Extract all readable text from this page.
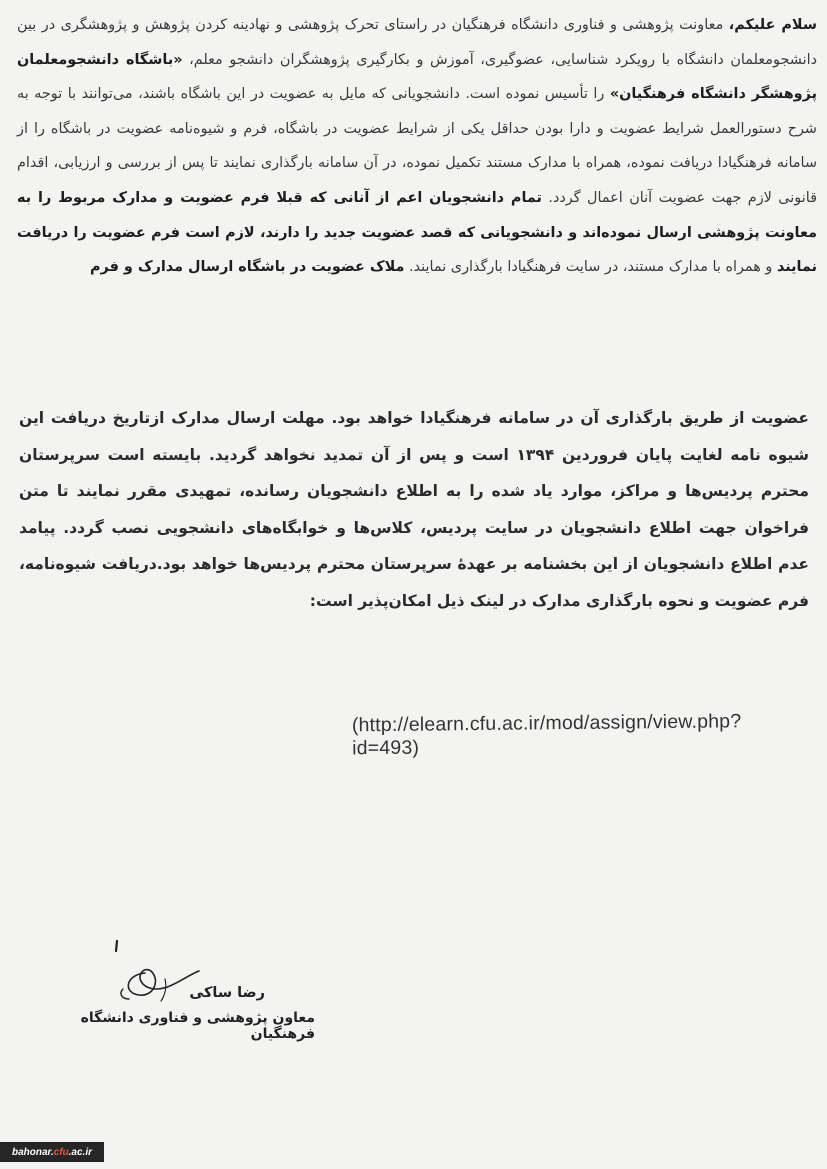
سلام علیکم، معاونت پژوهشی و فناوری دانشگاه فرهنگیان در راستای تحرک پژوهشی و نهادینه کردن پژوهش و پژوهشگری در بین دانشجومعلمان دانشگاه با رویکرد شناسایی، عضوگیری، آموزش و بکارگیری پژوهشگران دانشجو معلم، «باشگاه دانشجومعلمان پژوهشگر دانشگاه فرهنگیان» را تأسیس نموده است. دانشجویانی که مایل به عضویت در این باشگاه باشند، می‌توانند با توجه به شرح دستورالعمل شرایط عضویت و دارا بودن حداقل یکی از شرایط عضویت در باشگاه، فرم و شیوه‌نامه عضویت در باشگاه را از سامانه فرهنگیادا دریافت نموده، همراه با مدارک مستند تکمیل نموده، در آن سامانه بارگذاری نمایند تا پس از بررسی و ارزیابی، اقدام قانونی لازم جهت عضویت آنان اعمال گردد. تمام دانشجویان اعم از آنانی که قبلا فرم عضویت و مدارک مربوط را به معاونت پژوهشی ارسال نموده‌اند و دانشجویانی که قصد عضویت جدید را دارند، لازم است فرم عضویت را دریافت نمایند و همراه با مدارک مستند، در سایت فرهنگیادا بارگذاری نمایند. ملاک عضویت در باشگاه ارسال مدارک و فرم

عضویت از طریق بارگذاری آن در سامانه فرهنگیادا خواهد بود. مهلت ارسال مدارک ازتاریخ دریافت این شیوه نامه لغایت پایان فروردین ۱۳۹۴ است و پس از آن تمدید نخواهد گردید. بایسته است سرپرستان محترم پردیس‌ها و مراکز، موارد یاد شده را به اطلاع دانشجویان رسانده، تمهیدی مقرر نمایند تا متن فراخوان جهت اطلاع دانشجویان در سایت پردیس، کلاس‌ها و خوابگاه‌های دانشجویی نصب گردد. پیامد عدم اطلاع دانشجویان از این بخشنامه بر عهدهٔ سرپرستان محترم پردیس‌ها خواهد بود.دریافت شیوه‌نامه، فرم عضویت و نحوه بارگذاری مدارک در لینک ذیل امکان‌پذیر است:

(http://elearn.cfu.ac.ir/mod/assign/view.php?id=493)
رضا ساکی
معاون پژوهشی و فناوری دانشگاه فرهنگیان
bahonar. cfu .ac.ir
